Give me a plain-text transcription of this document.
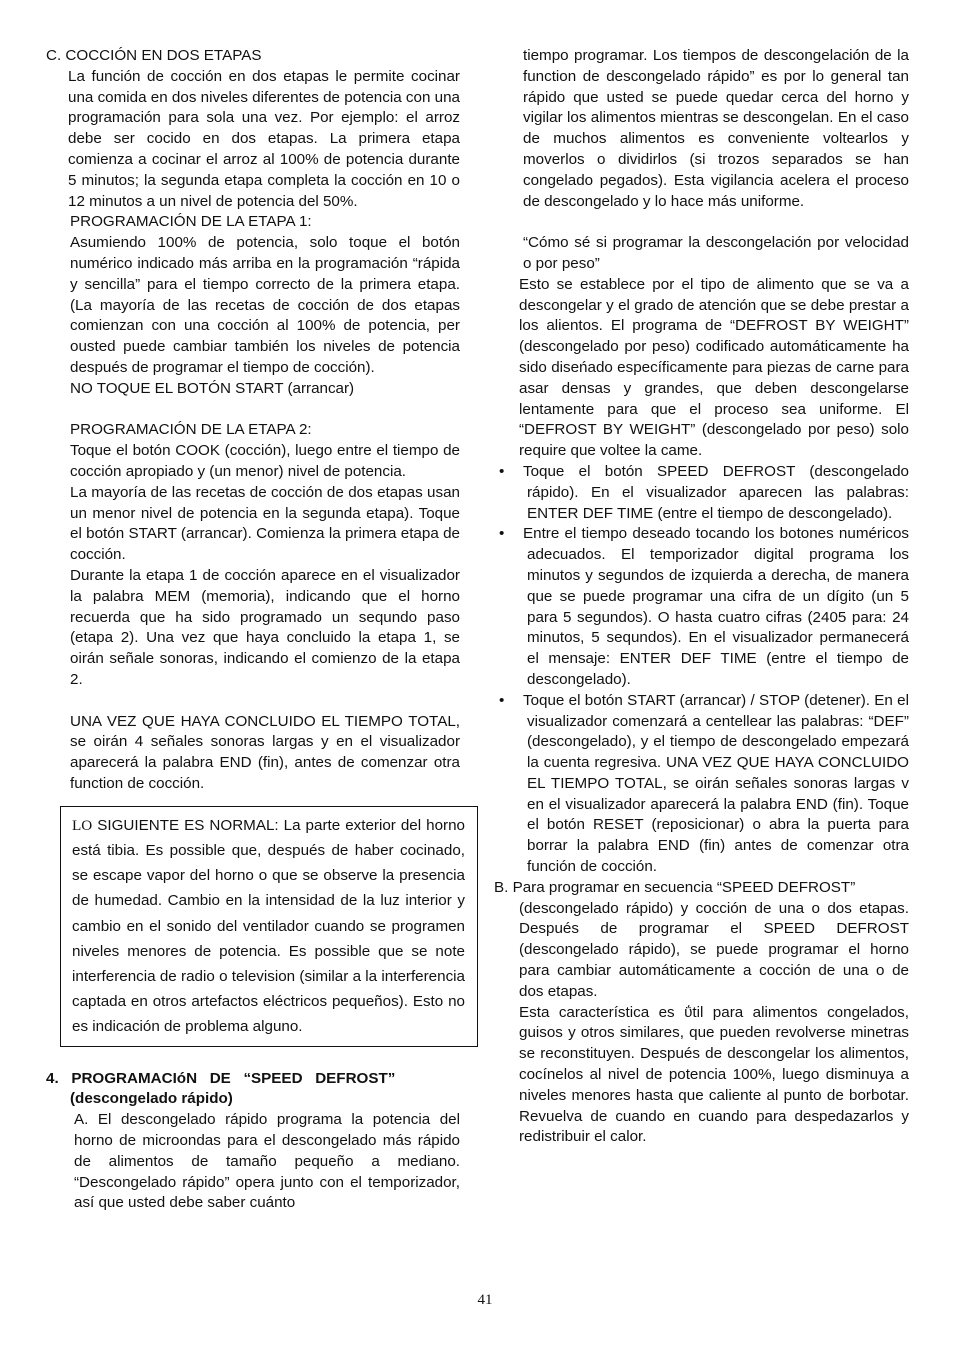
C. COCCIÓN EN DOS ETAPAS

La función de cocción en dos etapas le permite cocinar una comida en dos niveles diferentes de potencia con una programación para sola una vez. Por ejemplo: el arroz debe ser cocido en dos etapas. La primera etapa comienza a cocinar el arroz al 100% de potencia durante 5 minutos; la segunda etapa completa la cocción en 10 o 12 minutos a un nivel de potencia del 50%.

PROGRAMACIÓN DE LA ETAPA 1:

Asumiendo 100% de potencia, solo toque el botón numérico indicado más arriba en la programación “rápida y sencilla” para el tiempo correcto de la primera etapa. (La mayoría de las recetas de cocción de dos etapas comienzan con una cocción al 100% de potencia, per ousted puede cambiar también los niveles de potencia después de programar el tiempo de cocción).

NO TOQUE EL BOTÓN START (arrancar)

PROGRAMACIÓN DE LA ETAPA 2:

Toque el botón COOK (cocción), luego entre el tiempo de cocción apropiado y (un menor) nivel de potencia.

La mayoría de las recetas de cocción de dos etapas usan un menor nivel de potencia en la segunda etapa). Toque el botón START (arrancar). Comienza la primera etapa de cocción.

Durante la etapa 1 de cocción aparece en el visualizador la palabra MEM (memoria), indicando que el horno recuerda que ha sido programado un sequndo paso (etapa 2). Una vez que haya concluido la etapa 1, se oirán señale sonoras, indicando el comienzo de la etapa 2.

UNA VEZ QUE HAYA CONCLUIDO EL TIEMPO TOTAL, se oirán 4 señales sonoras largas y en el visualizador aparecerá la palabra END (fin), antes de comenzar otra function de cocción.

LO SIGUIENTE ES NORMAL: La parte exterior del horno está tibia. Es possible que, después de haber cocinado, se escape vapor del horno o que se observe la presencia de humedad. Cambio en la intensidad de la luz interior y cambio en el sonido del ventilador cuando se programen niveles menores de potencia. Es possible que se note interferencia de radio o television (similar a la interferencia captada en otros artefactos eléctricos pequeños). Esto no es indicación de problema alguno.

4.   PROGRAMACIóN   DE   “SPEED   DEFROST”

(descongelado rápido)

A. El descongelado rápido programa la potencia del horno de microondas para el descongelado más rápido de alimentos de tamaño pequeño a mediano. “Descongelado rápido” opera junto con el temporizador, así que usted debe saber cuánto

tiempo programar. Los tiempos de descongelación de la function de descongelado rápido” es por lo general tan rápido que usted se puede quedar cerca del horno y vigilar los alimentos mientras se descongelan. En el caso de muchos alimentos es conveniente voltearlos y moverlos o dividirlos (si trozos separados se han congelado pegados). Esta vigilancia acelera el proceso de descongelado y lo hace más uniforme.

“Cómo sé si programar la descongelación por velocidad o por peso”

Esto se establece por el tipo de alimento que se va a descongelar y el grado de atención que se debe prestar a los alientos. El programa de “DEFROST BY WEIGHT” (descongelado por peso) codificado automáticamente ha sido diseńado específicamente para piezas de carne para asar densas y grandes, que deben descongelarse lentamente para que el proceso sea uniforme. El “DEFROST BY WEIGHT” (descongelado por peso) solo require que voltee la came.

• Toque el botón SPEED DEFROST (descongelado rápido). En el visualizador aparecen las palabras: ENTER DEF TIME (entre el tiempo de descongelado).

• Entre el tiempo deseado tocando los botones numéricos adecuados. El temporizador digital programa los minutos y segundos de izquierda a derecha, de manera que se puede programar una cifra de un dígito (un 5 para 5 segundos). O hasta cuatro cifras (2405 para: 24 minutos, 5 sequndos). En el visualizador permanecerá el mensaje: ENTER DEF TIME (entre el tiempo de descongelado).

• Toque el botón START (arrancar) / STOP (detener). En el visualizador comenzará a centellear las palabras: “DEF” (descongelado), y el tiempo de descongelado empezará la cuenta regresiva. UNA VEZ QUE HAYA CONCLUIDO EL TIEMPO TOTAL, se oirán señales sonoras largas v en el visualizador aparecerá la palabra END (fin). Toque el botón RESET (reposicionar) o abra la puerta para borrar la palabra END (fin) antes de comenzar otra función de cocción.

B. Para programar en secuencia “SPEED DEFROST”

(descongelado rápido) y cocción de una o dos etapas. Después de programar el SPEED DEFROST (descongelado rápido), se puede programar el horno para cambiar automáticamente a cocción de una o de dos etapas.

Esta característica es ΰtil para alimentos congelados, guisos y otros similares, que pueden revolverse minetras se reconstituyen. Después de descongelar los alimentos, cocínelos al nivel de potencia 100%, luego disminuya a niveles menores hasta que caliente al punto de borbotar. Revuelva de cuando en cuando para despedazarlos y redistribuir el calor.

41
